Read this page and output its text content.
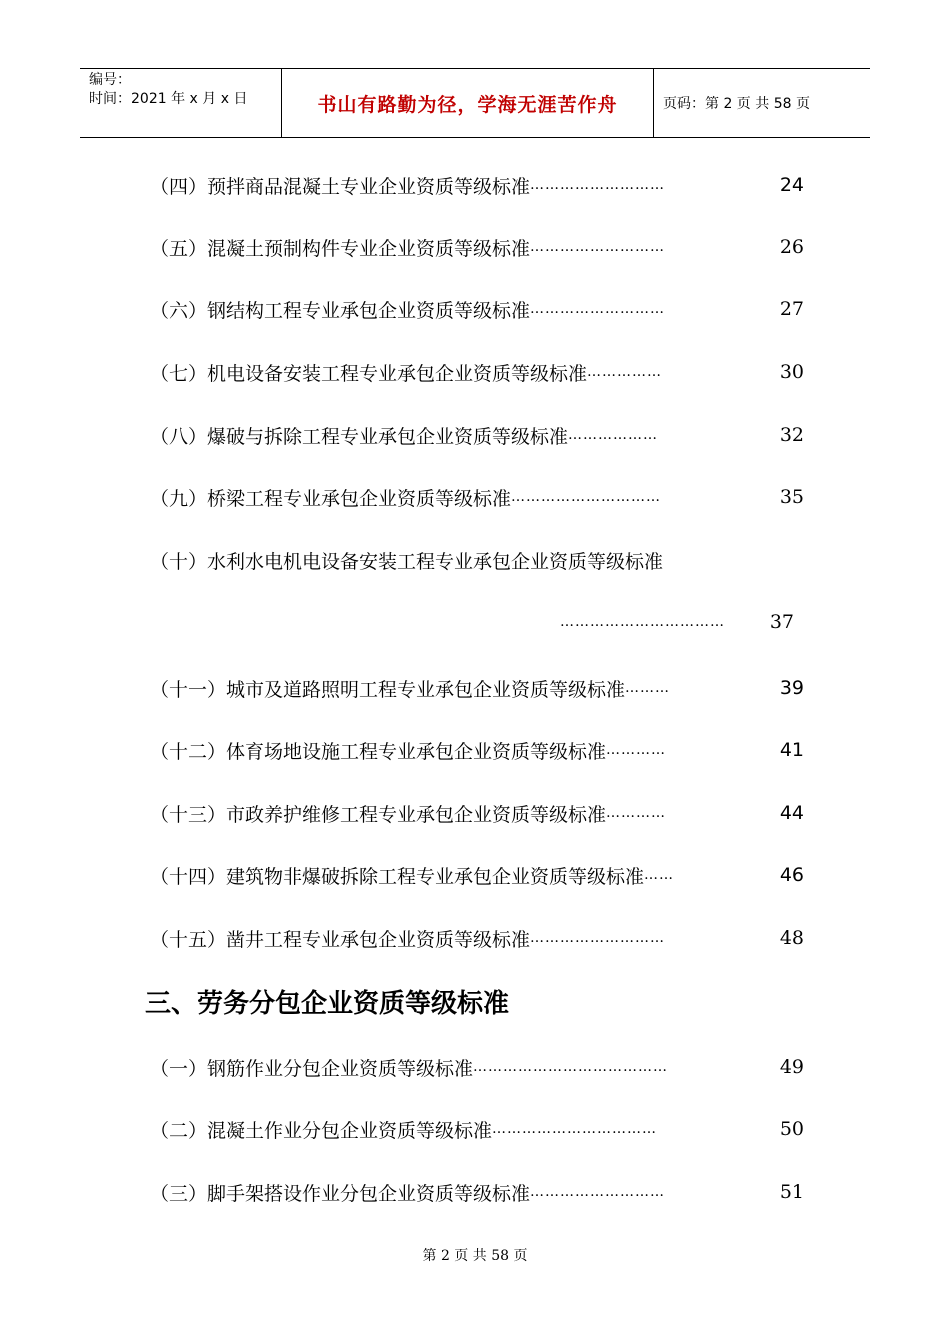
编号：
时间：2021 年 x 月 x 日	书山有路勤为径，学海无涯苦作舟	页码：第 2 页 共 58 页
（四）预拌商品混凝土专业企业资质等级标准 ………………………	24
（五）混凝土预制构件专业企业资质等级标准 ………………………	26
（六）钢结构工程专业承包企业资质等级标准 ………………………	27
（七）机电设备安装工程专业承包企业资质等级标准 ……………	30
（八）爆破与拆除工程专业承包企业资质等级标准 ………………	32
（九）桥梁工程专业承包企业资质等级标准 …………………………	35
（十）水利水电机电设备安装工程专业承包企业资质等级标准
……………………………	37
（十一）城市及道路照明工程专业承包企业资质等级标准 ………	39
（十二）体育场地设施工程专业承包企业资质等级标准 …………	41
（十三）市政养护维修工程专业承包企业资质等级标准 …………	44
（十四）建筑物非爆破拆除工程专业承包企业资质等级标准 ……	46
（十五）凿井工程专业承包企业资质等级标准 ………………………	48
三、劳务分包企业资质等级标准
（一）钢筋作业分包企业资质等级标准 …………………………………	49
（二）混凝土作业分包企业资质等级标准 ……………………………	50
（三）脚手架搭设作业分包企业资质等级标准 ………………………	51
第 2 页 共 58 页
